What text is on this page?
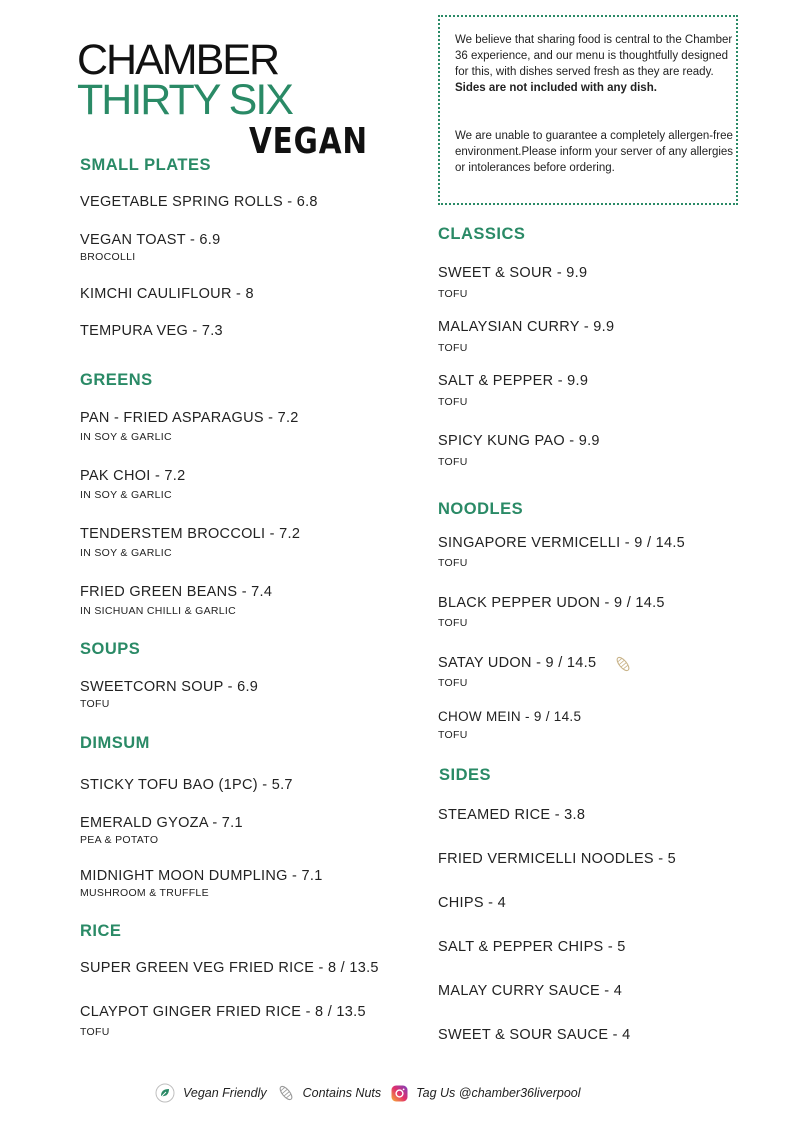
CHAMBER
THIRTY SIX
VEGAN

We believe that sharing food is central to the Chamber 36 experience, and our menu is thoughtfully designed for this, with dishes served fresh as they are ready. Sides are not included with any dish.

We are unable to guarantee a completely allergen-free environment.Please inform your server of any allergies or intolerances before ordering.

SMALL PLATES

VEGETABLE SPRING ROLLS - 6.8

VEGAN TOAST - 6.9

BROCOLLI

KIMCHI CAULIFLOUR - 8

TEMPURA VEG - 7.3

GREENS

PAN - FRIED ASPARAGUS - 7.2

IN SOY & GARLIC

PAK CHOI - 7.2

IN SOY & GARLIC

TENDERSTEM BROCCOLI - 7.2

IN SOY & GARLIC

FRIED GREEN BEANS - 7.4

IN SICHUAN CHILLI & GARLIC

SOUPS

SWEETCORN SOUP - 6.9

TOFU

DIMSUM

STICKY TOFU BAO (1PC) - 5.7

EMERALD GYOZA - 7.1

PEA & POTATO

MIDNIGHT MOON DUMPLING - 7.1

MUSHROOM & TRUFFLE

RICE

SUPER GREEN VEG FRIED RICE - 8 / 13.5

CLAYPOT GINGER FRIED RICE - 8 / 13.5

TOFU

CLASSICS

SWEET & SOUR - 9.9

TOFU

MALAYSIAN CURRY - 9.9

TOFU

SALT & PEPPER - 9.9

TOFU

SPICY KUNG PAO - 9.9

TOFU

NOODLES

SINGAPORE VERMICELLI - 9 / 14.5

TOFU

BLACK PEPPER UDON - 9 / 14.5

TOFU

SATAY UDON - 9 / 14.5

TOFU

CHOW MEIN - 9 / 14.5

TOFU

SIDES

STEAMED RICE - 3.8

FRIED VERMICELLI NOODLES - 5

CHIPS - 4

SALT & PEPPER CHIPS - 5

MALAY CURRY SAUCE - 4

SWEET & SOUR SAUCE - 4

Vegan Friendly	Contains Nuts	Tag Us @chamber36liverpool
